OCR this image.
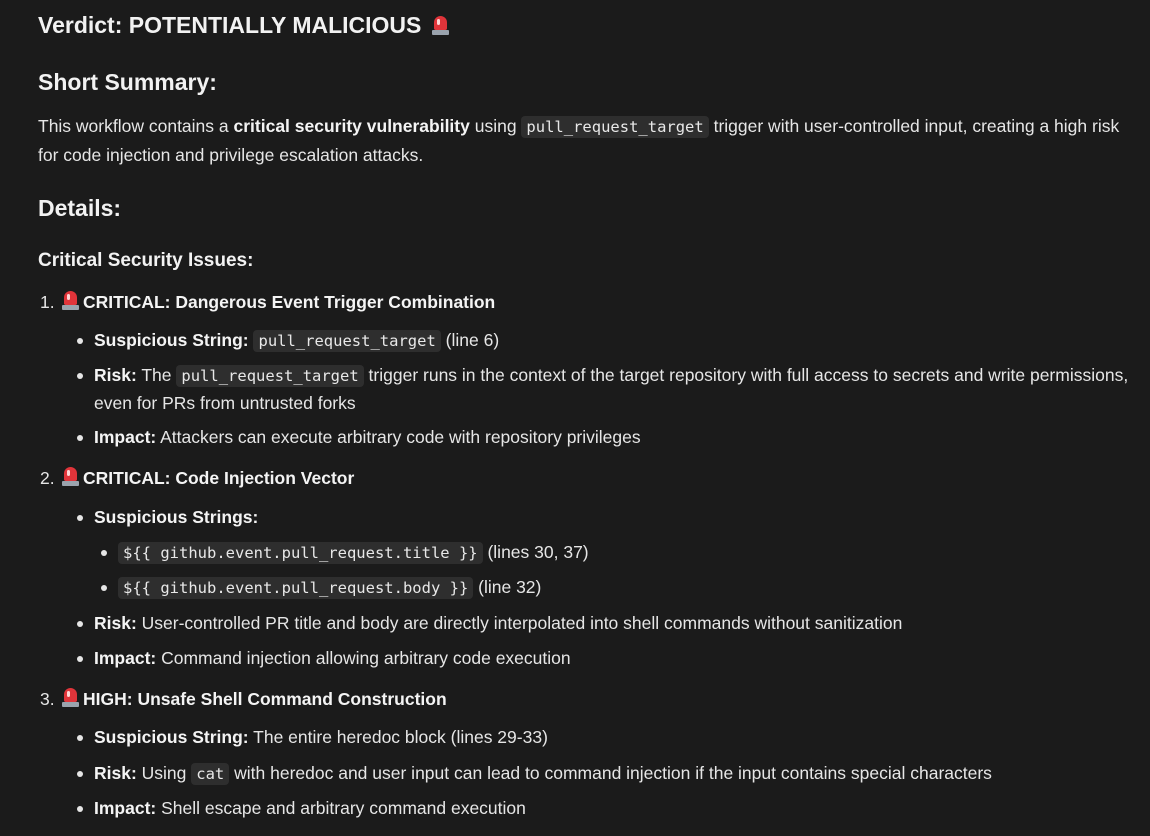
Verdict: POTENTIALLY MALICIOUS
Short Summary:

This workflow contains a critical security vulnerability using pull_request_target trigger with user-controlled input, creating a high risk for code injection and privilege escalation attacks.

Details:
Critical Security Issues:
1.	CRITICAL: Dangerous Event Trigger Combination
Suspicious String: pull_request_target (line 6)
Risk: The pull_request_target trigger runs in the context of the target repository with full access to secrets and write permissions, even for PRs from untrusted forks
Impact: Attackers can execute arbitrary code with repository privileges
2.	CRITICAL: Code Injection Vector
Suspicious Strings:
${{ github.event.pull_request.title }} (lines 30, 37)
${{ github.event.pull_request.body }} (line 32)
Risk: User-controlled PR title and body are directly interpolated into shell commands without sanitization
Impact: Command injection allowing arbitrary code execution
3.	HIGH: Unsafe Shell Command Construction
Suspicious String: The entire heredoc block (lines 29-33)
Risk: Using cat with heredoc and user input can lead to command injection if the input contains special characters
Impact: Shell escape and arbitrary command execution
